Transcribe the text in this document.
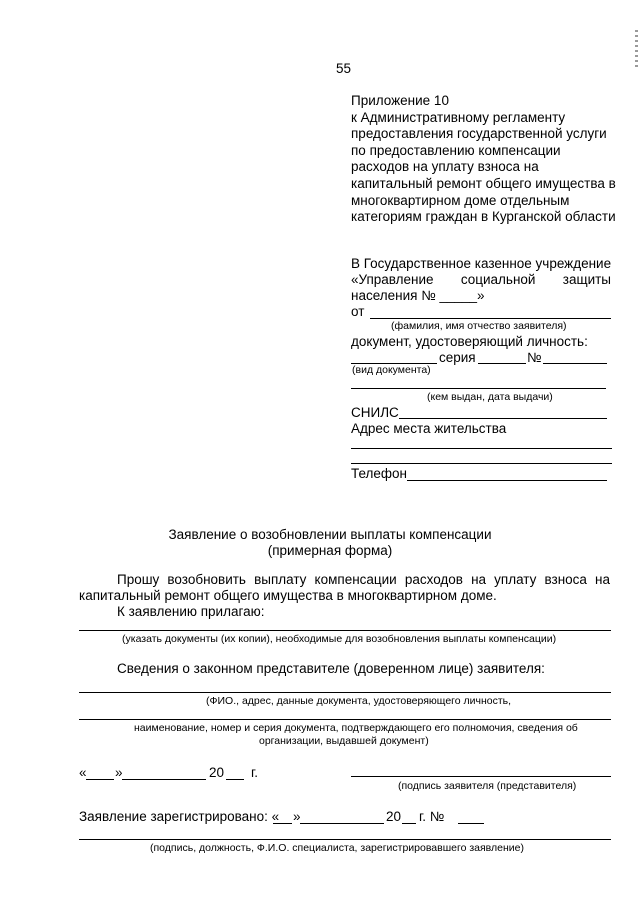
55
Приложение 10
к Административному регламенту
предоставления государственной услуги
по предоставлению компенсации
расходов на уплату взноса на
капитальный ремонт общего имущества в
многоквартирном доме отдельным
категориям граждан в Курганской области
В Государственное казенное учреждение
«Управление социальной защиты
населения № _____»
от
(фамилия, имя отчество заявителя)
документ, удостоверяющий личность:
серия	№
(вид документа)
(кем выдан, дата выдачи)
СНИЛС
Адрес места жительства
Телефон
Заявление о возобновлении выплаты компенсации
(примерная форма)
Прошу возобновить выплату компенсации расходов на уплату взноса на
капитальный ремонт общего имущества в многоквартирном доме.
К заявлению прилагаю:
(указать документы (их копии), необходимые для возобновления выплаты компенсации)
Сведения о законном представителе (доверенном лице) заявителя:
(ФИО., адрес, данные документа, удостоверяющего личность,
наименование, номер и серия документа, подтверждающего его полномочия, сведения об
организации, выдавшей документ)
« »	20 г.
(подпись заявителя (представителя)
Заявление зарегистрировано: « »	20 г. №
(подпись, должность, Ф.И.О. специалиста, зарегистрировавшего заявление)
